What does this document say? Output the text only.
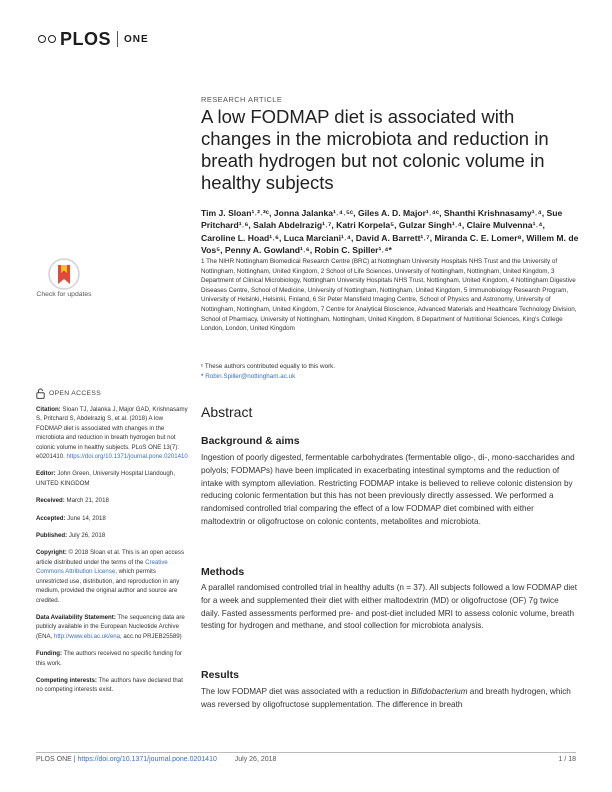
PLOS ONE
RESEARCH ARTICLE
A low FODMAP diet is associated with changes in the microbiota and reduction in breath hydrogen but not colonic volume in healthy subjects

Tim J. Sloan¹˒²˒³ᶜ, Jonna Jalanka¹˒⁴˒⁵ᶜ, Giles A. D. Major¹˒⁴ᶜ, Shanthi Krishnasamy¹˒⁴, Sue Pritchard¹˒⁶, Salah Abdelrazig¹˒⁷, Katri Korpela⁵, Gulzar Singh¹˒⁴, Claire Mulvenna¹˒⁴, Caroline L. Hoad¹˒⁶, Luca Marciani¹˒⁴, David A. Barrett¹˒⁷, Miranda C. E. Lomer⁸, Willem M. de Vos⁵, Penny A. Gowland¹˒⁶, Robin C. Spiller¹˒⁴*

1 The NIHR Nottingham Biomedical Research Centre (BRC) at Nottingham University Hospitals NHS Trust and the University of Nottingham, Nottingham, United Kingdom, 2 School of Life Sciences, University of Nottingham, Nottingham, United Kingdom, 3 Department of Clinical Microbiology, Nottingham University Hospitals NHS Trust, Nottingham, United Kingdom, 4 Nottingham Digestive Diseases Centre, School of Medicine, University of Nottingham, Nottingham, United Kingdom, 5 Immunobiology Research Program, University of Helsinki, Helsinki, Finland, 6 Sir Peter Mansfield Imaging Centre, School of Physics and Astronomy, University of Nottingham, Nottingham, United Kingdom, 7 Centre for Analytical Bioscience, Advanced Materials and Healthcare Technology Division, School of Pharmacy, University of Nottingham, Nottingham, United Kingdom, 8 Department of Nutritional Sciences, King's College London, London, United Kingdom

ᶜ These authors contributed equally to this work.
* Robin.Spiller@nottingham.ac.uk
Abstract
Background & aims

Ingestion of poorly digested, fermentable carbohydrates (fermentable oligo-, di-, mono-saccharides and polyols; FODMAPs) have been implicated in exacerbating intestinal symptoms and the reduction of intake with symptom alleviation. Restricting FODMAP intake is believed to relieve colonic distension by reducing colonic fermentation but this has not been previously directly assessed. We performed a randomised controlled trial comparing the effect of a low FODMAP diet combined with either maltodextrin or oligofructose on colonic contents, metabolites and microbiota.

Methods

A parallel randomised controlled trial in healthy adults (n = 37). All subjects followed a low FODMAP diet for a week and supplemented their diet with either maltodextrin (MD) or oligofructose (OF) 7g twice daily. Fasted assessments performed pre- and post-diet included MRI to assess colonic volume, breath testing for hydrogen and methane, and stool collection for microbiota analysis.

Results

The low FODMAP diet was associated with a reduction in Bifidobacterium and breath hydrogen, which was reversed by oligofructose supplementation. The difference in breath

Check for updates
OPEN ACCESS

Citation: Sloan TJ, Jalanka J, Major GAD, Krishnasamy S, Pritchard S, Abdelrazig S, et al. (2018) A low FODMAP diet is associated with changes in the microbiota and reduction in breath hydrogen but not colonic volume in healthy subjects. PLoS ONE 13(7): e0201410. https://doi.org/10.1371/journal.pone.0201410

Editor: John Green, University Hospital Llandough, UNITED KINGDOM

Received: March 21, 2018

Accepted: June 14, 2018

Published: July 26, 2018

Copyright: © 2018 Sloan et al. This is an open access article distributed under the terms of the Creative Commons Attribution License, which permits unrestricted use, distribution, and reproduction in any medium, provided the original author and source are credited.

Data Availability Statement: The sequencing data are publicly available in the European Nucleotide Archive (ENA, http://www.ebi.ac.uk/ena, acc.no PRJEB25589)

Funding: The authors received no specific funding for this work.

Competing interests: The authors have declared that no competing interests exist.

PLOS ONE | https://doi.org/10.1371/journal.pone.0201410	July 26, 2018	1 / 18
